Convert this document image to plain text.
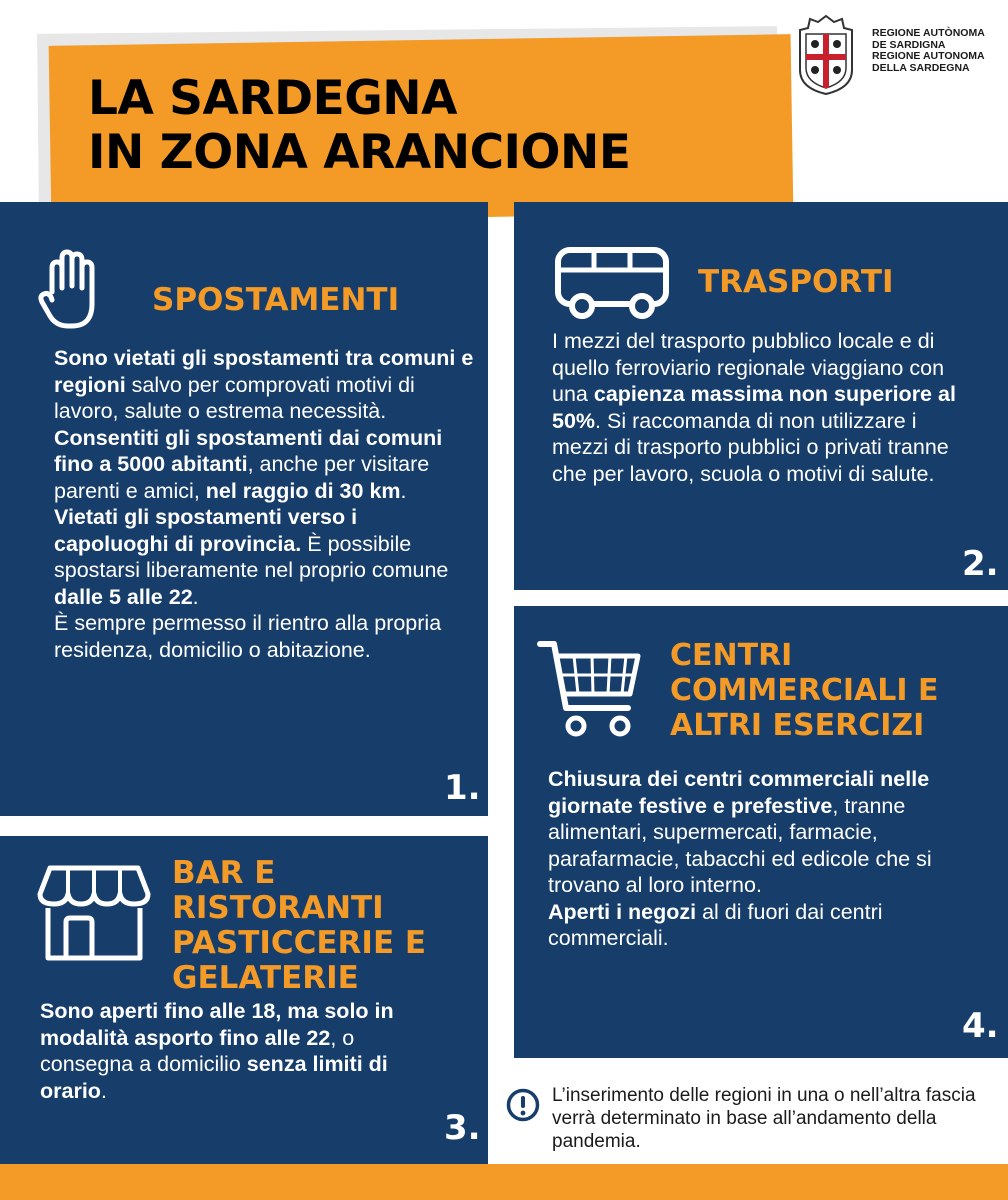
LA SARDEGNA
IN ZONA ARANCIONE
REGIONE AUTÒNOMA
DE SARDIGNA
REGIONE AUTONOMA
DELLA SARDEGNA
SPOSTAMENTI

Sono vietati gli spostamenti tra comuni e regioni salvo per comprovati motivi di lavoro, salute o estrema necessità.
Consentiti gli spostamenti dai comuni fino a 5000 abitanti, anche per visitare parenti e amici, nel raggio di 30 km.
Vietati gli spostamenti verso i capoluoghi di provincia. È possibile spostarsi liberamente nel proprio comune dalle 5 alle 22.
È sempre permesso il rientro alla propria residenza, domicilio o abitazione.

1.
TRASPORTI

I mezzi del trasporto pubblico locale e di quello ferroviario regionale viaggiano con una capienza massima non superiore al 50%. Si raccomanda di non utilizzare i mezzi di trasporto pubblici o privati tranne che per lavoro, scuola o motivi di salute.

2.
CENTRI
COMMERCIALI E
ALTRI ESERCIZI

Chiusura dei centri commerciali nelle giornate festive e prefestive, tranne alimentari, supermercati, farmacie, parafarmacie, tabacchi ed edicole che si trovano al loro interno.
Aperti i negozi al di fuori dai centri commerciali.

4.
BAR E
RISTORANTI
PASTICCERIE E
GELATERIE

Sono aperti fino alle 18, ma solo in modalità asporto fino alle 22, o consegna a domicilio senza limiti di orario.

3.

L’inserimento delle regioni in una o nell’altra fascia verrà determinato in base all’andamento della pandemia.
